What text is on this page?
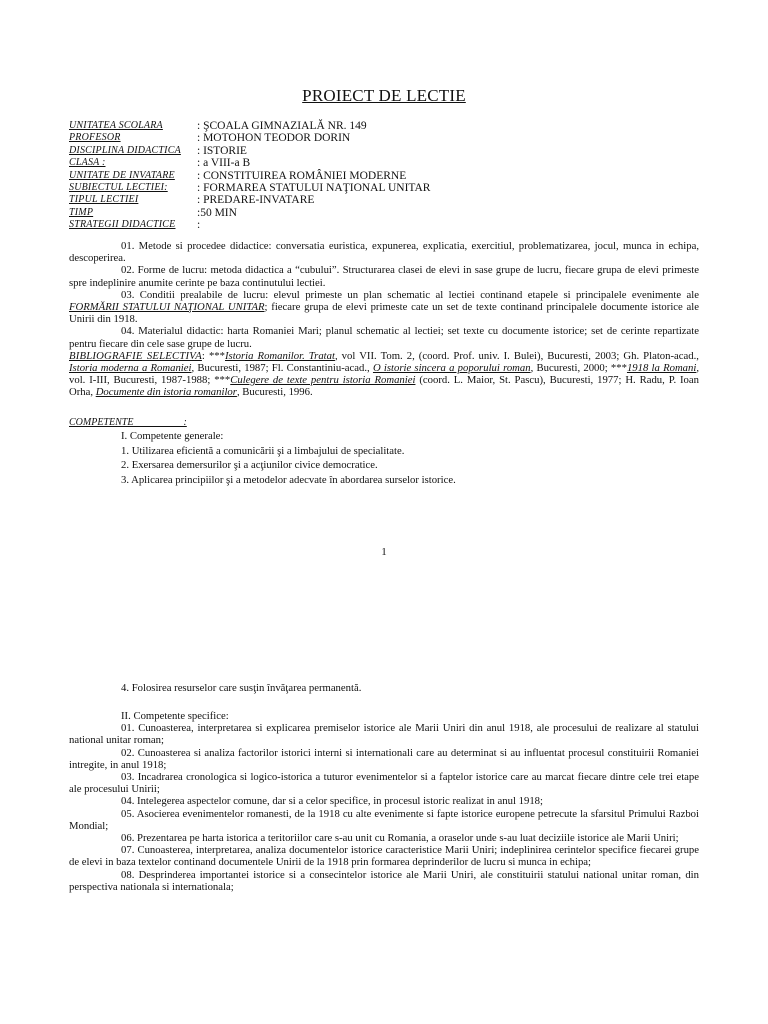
PROIECT DE LECTIE
UNITATEA SCOLARA	: ŞCOALA GIMNAZIALĂ NR. 149
PROFESOR	: MOTOHON TEODOR DORIN
DISCIPLINA DIDACTICA : ISTORIE
CLASA :	: a VIII-a B
UNITATE DE INVATARE : CONSTITUIREA ROMÂNIEI MODERNE
SUBIECTUL LECTIEI:	: FORMAREA STATULUI NAŢIONAL UNITAR
TIPUL LECTIEI	: PREDARE-INVATARE
TIMP	:50 MIN
STRATEGII DIDACTICE :

01. Metode si procedee didactice: conversatia euristica, expunerea, explicatia, exercitiul, problematizarea, jocul, munca in echipa, descoperirea.

02. Forme de lucru: metoda didactica a “cubului”. Structurarea clasei de elevi in sase grupe de lucru, fiecare grupa de elevi primeste spre indeplinire anumite cerinte pe baza continutului lectiei.

03. Conditii prealabile de lucru: elevul primeste un plan schematic al lectiei continand etapele si principalele evenimente ale FORMĂRII STATULUI NAŢIONAL UNITAR; fiecare grupa de elevi primeste cate un set de texte continand principalele documente istorice ale Unirii din 1918.

04. Materialul didactic: harta Romaniei Mari; planul schematic al lectiei; set texte cu documente istorice; set de cerinte repartizate pentru fiecare din cele sase grupe de lucru.

BIBLIOGRAFIE SELECTIVA: ***Istoria Romanilor. Tratat, vol VII. Tom. 2, (coord. Prof. univ. I. Bulei), Bucuresti, 2003; Gh. Platon-acad., Istoria moderna a Romaniei, Bucuresti, 1987; Fl. Constantiniu-acad., O istorie sincera a poporului roman, Bucuresti, 2000; ***1918 la Romani, vol. I-III, Bucuresti, 1987-1988; ***Culegere de texte pentru istoria Romaniei (coord. L. Maior, St. Pascu), Bucuresti, 1977; H. Radu, P. Ioan Orha, Documente din istoria romanilor, Bucuresti, 1996.

COMPETENTE                    :
I. Competente generale:
1. Utilizarea eficientă a comunicării şi a limbajului de specialitate.
2. Exersarea demersurilor şi a acţiunilor civice democratice.
3. Aplicarea principiilor şi a metodelor adecvate în abordarea surselor istorice.
1
4. Folosirea resurselor care susţin învăţarea permanentă.

II. Competente specifice:

01. Cunoasterea, interpretarea si explicarea premiselor istorice ale Marii Uniri din anul 1918, ale procesului de realizare al statului national unitar roman;

02. Cunoasterea si analiza factorilor istorici interni si internationali care au determinat si au influentat procesul constituirii Romaniei intregite, in anul 1918;

03. Incadrarea cronologica si logico-istorica a tuturor evenimentelor si a faptelor istorice care au marcat fiecare dintre cele trei etape ale procesului Unirii;

04. Intelegerea aspectelor comune, dar si a celor specifice, in procesul istoric realizat in anul 1918;

05. Asocierea evenimentelor romanesti, de la 1918 cu alte evenimente si fapte istorice europene petrecute la sfarsitul Primului Razboi Mondial;

06. Prezentarea pe harta istorica a teritoriilor care s-au unit cu Romania, a oraselor unde s-au luat deciziile istorice ale Marii Uniri;

07. Cunoasterea, interpretarea, analiza documentelor istorice caracteristice Marii Uniri; indeplinirea cerintelor specifice fiecarei grupe de elevi in baza textelor continand documentele Unirii de la 1918 prin formarea deprinderilor de lucru si munca in echipa;

08. Desprinderea importantei istorice si a consecintelor istorice ale Marii Uniri, ale constituirii statului national unitar roman, din perspectiva nationala si internationala;
